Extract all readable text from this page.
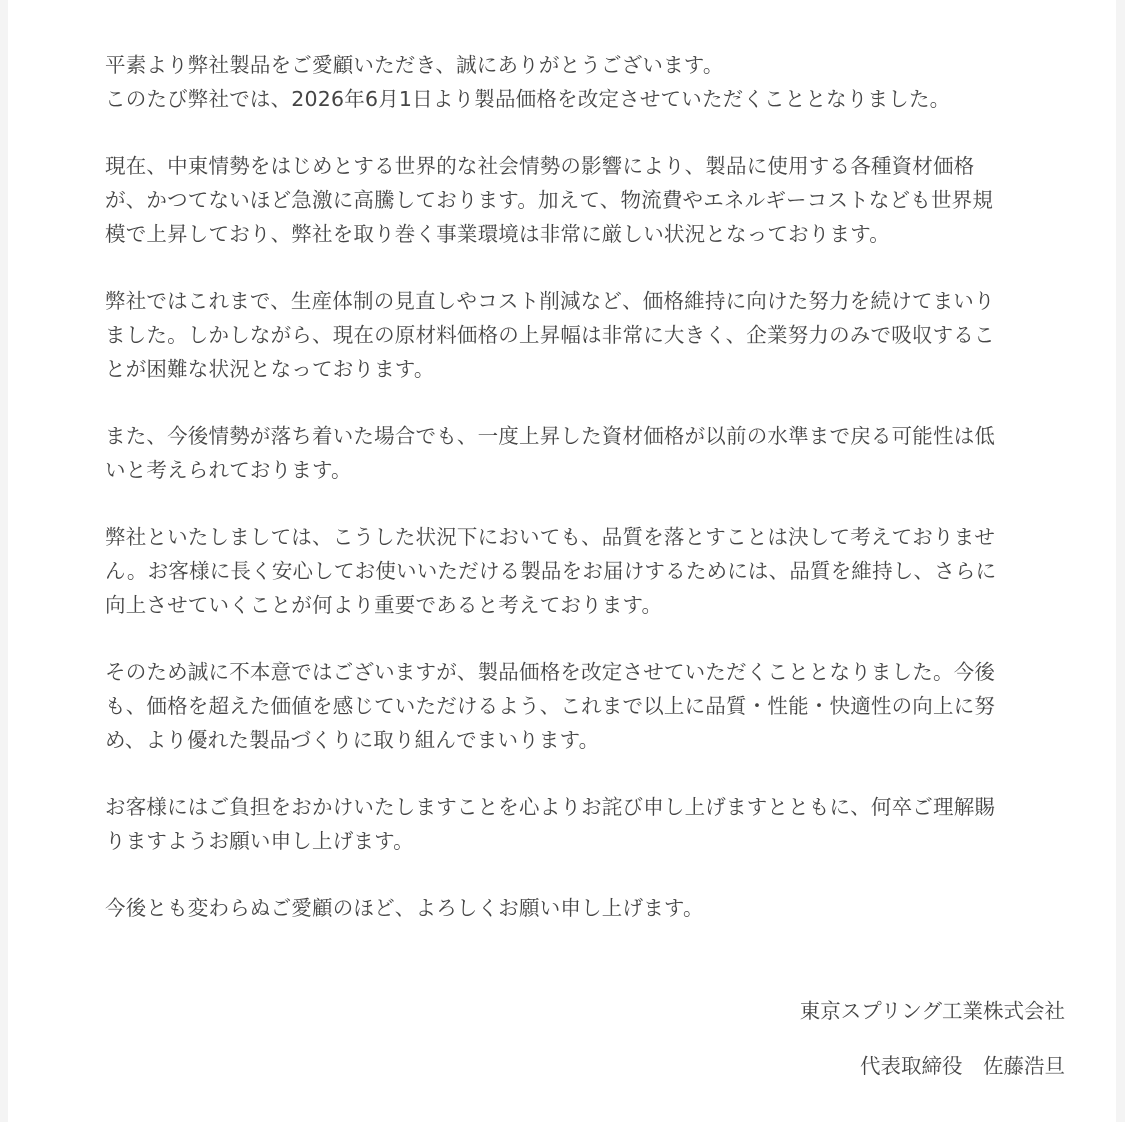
平素より弊社製品をご愛顧いただき、誠にありがとうございます。
このたび弊社では、2026年6月1日より製品価格を改定させていただくこととなりました。

現在、中東情勢をはじめとする世界的な社会情勢の影響により、製品に使用する各種資材価格
が、かつてないほど急激に高騰しております。加えて、物流費やエネルギーコストなども世界規
模で上昇しており、弊社を取り巻く事業環境は非常に厳しい状況となっております。

弊社ではこれまで、生産体制の見直しやコスト削減など、価格維持に向けた努力を続けてまいり
ました。しかしながら、現在の原材料価格の上昇幅は非常に大きく、企業努力のみで吸収するこ
とが困難な状況となっております。

また、今後情勢が落ち着いた場合でも、一度上昇した資材価格が以前の水準まで戻る可能性は低
いと考えられております。

弊社といたしましては、こうした状況下においても、品質を落とすことは決して考えておりませ
ん。お客様に長く安心してお使いいただける製品をお届けするためには、品質を維持し、さらに
向上させていくことが何より重要であると考えております。

そのため誠に不本意ではございますが、製品価格を改定させていただくこととなりました。今後
も、価格を超えた価値を感じていただけるよう、これまで以上に品質・性能・快適性の向上に努
め、より優れた製品づくりに取り組んでまいります。

お客様にはご負担をおかけいたしますことを心よりお詫び申し上げますとともに、何卒ご理解賜
りますようお願い申し上げます。

今後とも変わらぬご愛顧のほど、よろしくお願い申し上げます。

東京スプリング工業株式会社
代表取締役　佐藤浩旦
